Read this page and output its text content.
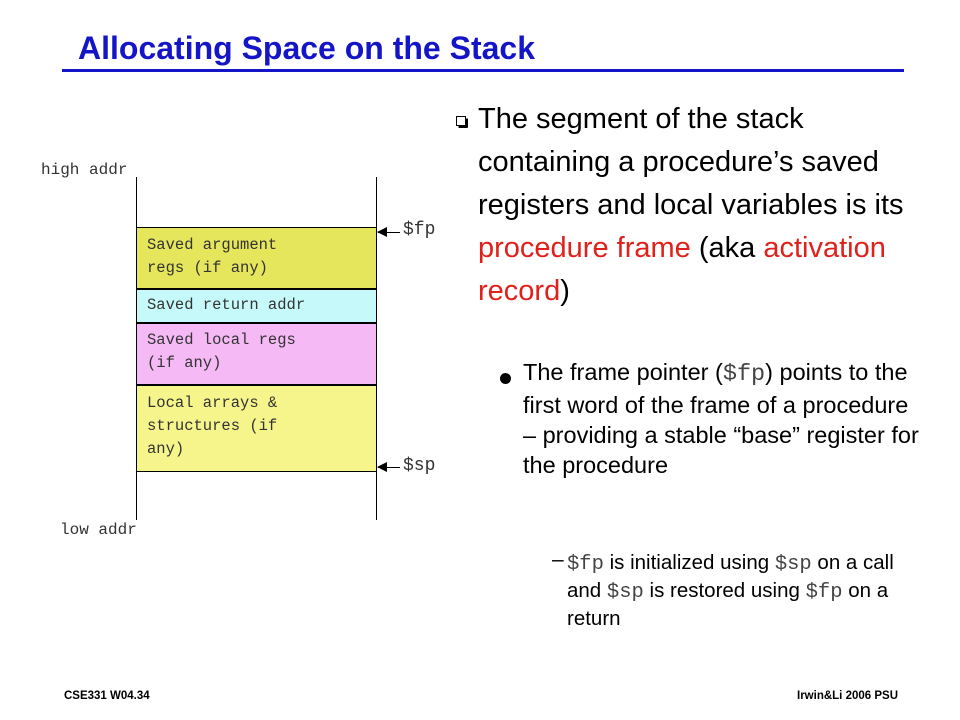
Allocating Space on the Stack
high addr
Saved argument
regs (if any)
Saved return addr
Saved local regs
(if any)
Local arrays &
structures (if
any)
$fp
$sp
low addr
The segment of the stack containing a procedure’s saved registers and local variables is its procedure frame (aka activation record)
The frame pointer ($fp) points to the first word of the frame of a procedure – providing a stable “base” register for the procedure
– $fp is initialized using $sp on a call and $sp is restored using $fp on a return
CSE331 W04.34	Irwin&Li 2006 PSU
